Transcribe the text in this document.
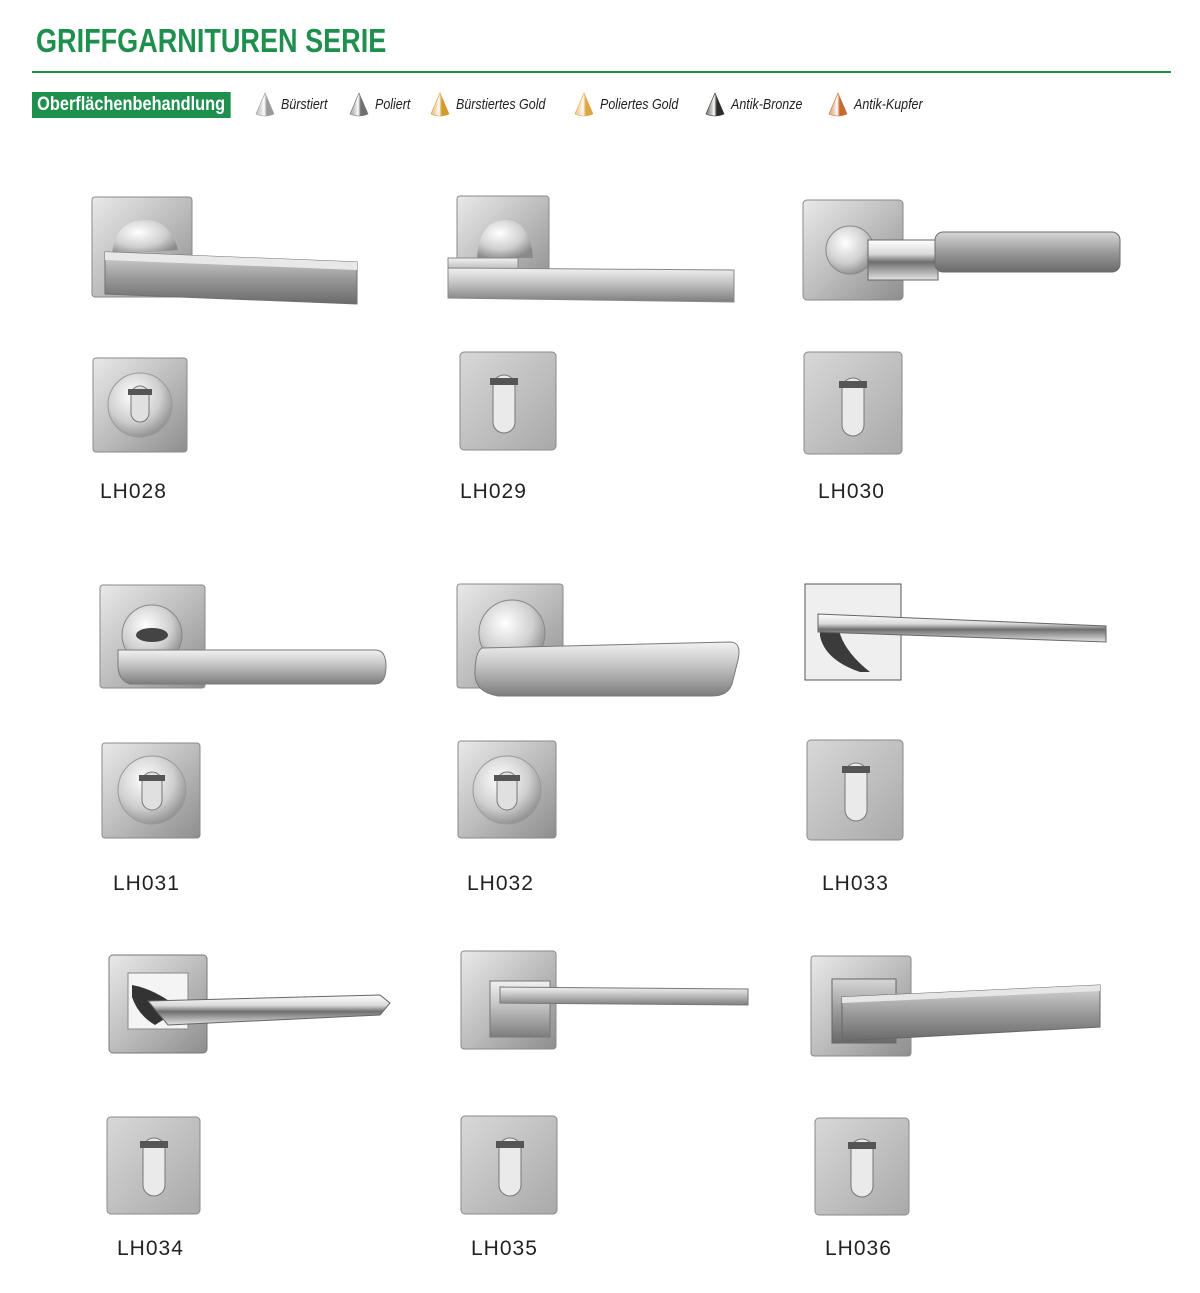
GRIFFGARNITUREN SERIE
Oberflächenbehandlung	Bürstiert	Poliert	Bürstiertes Gold	Poliertes Gold	Antik-Bronze	Antik-Kupfer
LH028	LH029	LH030
LH031	LH032	LH033
LH034	LH035	LH036
